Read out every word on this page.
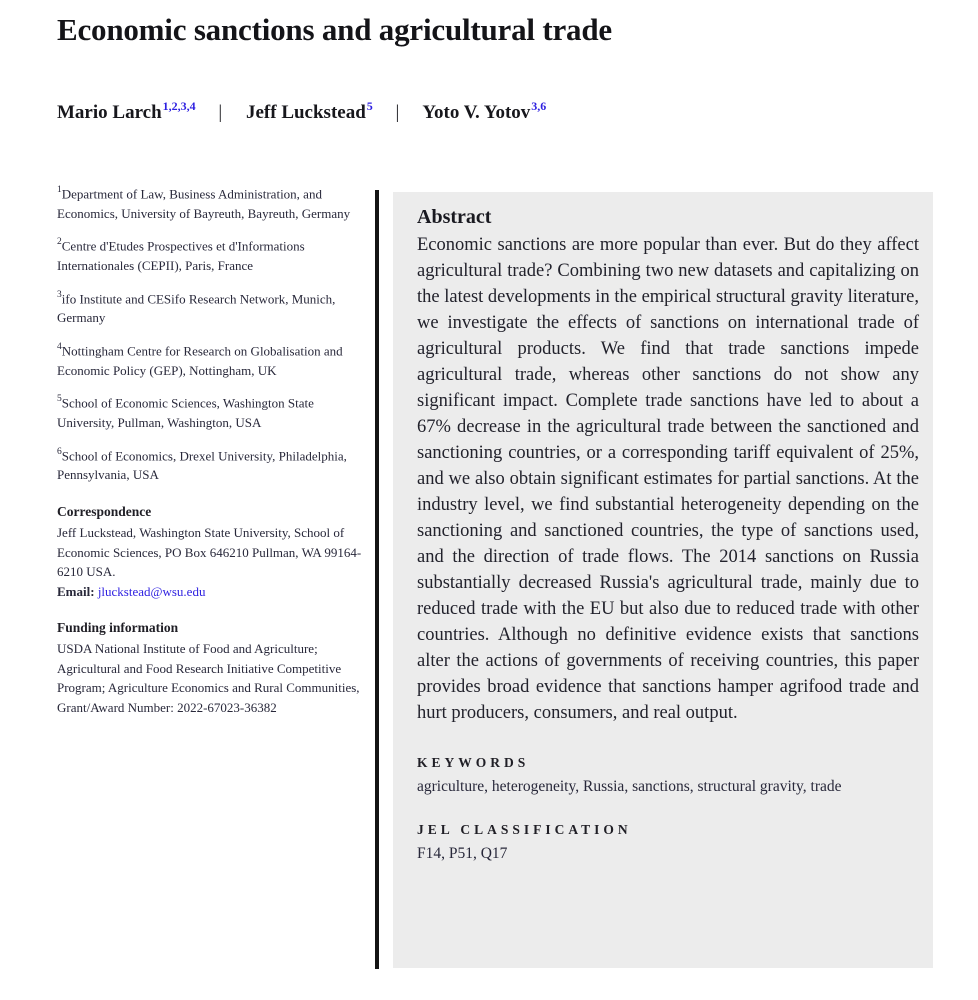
Economic sanctions and agricultural trade
Mario Larch$^{1,2,3,4}$ | Jeff Luckstead$^5$ | Yoto V. Yotov$^{3,6}$

$^1$Department of Law, Business Administration, and Economics, University of Bayreuth, Bayreuth, Germany

$^2$Centre d'Etudes Prospectives et d'Informations Internationales (CEPII), Paris, France

$^3$ifo Institute and CESifo Research Network, Munich, Germany

$^4$Nottingham Centre for Research on Globalisation and Economic Policy (GEP), Nottingham, UK

$^5$School of Economic Sciences, Washington State University, Pullman, Washington, USA

$^6$School of Economics, Drexel University, Philadelphia, Pennsylvania, USA

Correspondence
Jeff Luckstead, Washington State University, School of Economic Sciences, PO Box 646210 Pullman, WA 99164-6210 USA.
Email: jluckstead@wsu.edu
Funding information
USDA National Institute of Food and Agriculture; Agricultural and Food Research Initiative Competitive Program; Agriculture Economics and Rural Communities, Grant/Award Number: 2022-67023-36382
Abstract
Economic sanctions are more popular than ever. But do they affect agricultural trade? Combining two new datasets and capitalizing on the latest developments in the empirical structural gravity literature, we investigate the effects of sanctions on international trade of agricultural products. We find that trade sanctions impede agricultural trade, whereas other sanctions do not show any significant impact. Complete trade sanctions have led to about a 67% decrease in the agricultural trade between the sanctioned and sanctioning countries, or a corresponding tariff equivalent of 25%, and we also obtain significant estimates for partial sanctions. At the industry level, we find substantial heterogeneity depending on the sanctioning and sanctioned countries, the type of sanctions used, and the direction of trade flows. The 2014 sanctions on Russia substantially decreased Russia's agricultural trade, mainly due to reduced trade with the EU but also due to reduced trade with other countries. Although no definitive evidence exists that sanctions alter the actions of governments of receiving countries, this paper provides broad evidence that sanctions hamper agrifood trade and hurt producers, consumers, and real output.
KEYWORDS
agriculture, heterogeneity, Russia, sanctions, structural gravity, trade
JEL CLASSIFICATION
F14, P51, Q17
